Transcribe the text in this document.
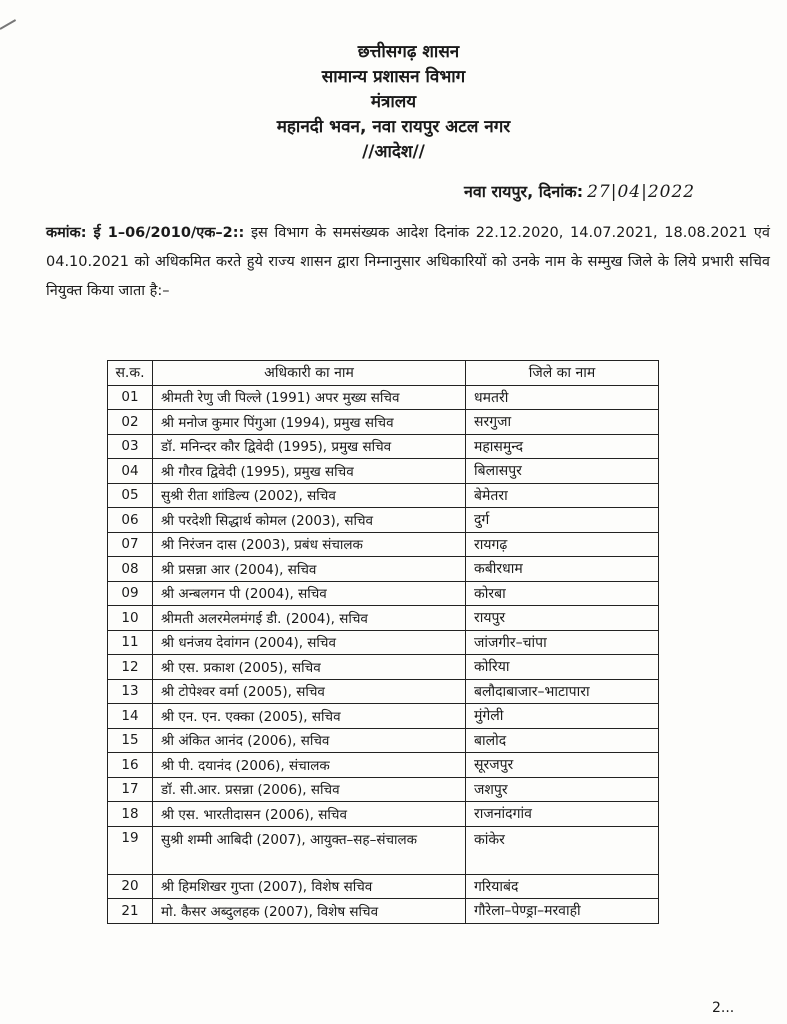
छत्तीसगढ़ शासन
सामान्य प्रशासन विभाग
मंत्रालय
महानदी भवन, नवा रायपुर अटल नगर
//आदेश//
नवा रायपुर, दिनांक: 27|04|2022
कमांक: ई 1–06/2010/एक–2:: इस विभाग के समसंख्यक आदेश दिनांक 22.12.2020, 14.07.2021, 18.08.2021 एवं 04.10.2021 को अधिकमित करते हुये राज्य शासन द्वारा निम्नानुसार अधिकारियों को उनके नाम के सम्मुख जिले के लिये प्रभारी सचिव नियुक्त किया जाता है:–
स.क.	अधिकारी का नाम	जिले का नाम
01	श्रीमती रेणु जी पिल्ले (1991) अपर मुख्य सचिव	धमतरी
02	श्री मनोज कुमार पिंगुआ (1994), प्रमुख सचिव	सरगुजा
03	डॉ. मनिन्दर कौर द्विवेदी (1995), प्रमुख सचिव	महासमुन्द
04	श्री गौरव द्विवेदी (1995), प्रमुख सचिव	बिलासपुर
05	सुश्री रीता शांडिल्य (2002), सचिव	बेमेतरा
06	श्री परदेशी सिद्धार्थ कोमल (2003), सचिव	दुर्ग
07	श्री निरंजन दास (2003), प्रबंध संचालक	रायगढ़
08	श्री प्रसन्ना आर (2004), सचिव	कबीरधाम
09	श्री अन्बलगन पी (2004), सचिव	कोरबा
10	श्रीमती अलरमेलमंगई डी. (2004), सचिव	रायपुर
11	श्री धनंजय देवांगन (2004), सचिव	जांजगीर–चांपा
12	श्री एस. प्रकाश (2005), सचिव	कोरिया
13	श्री टोपेश्वर वर्मा (2005), सचिव	बलौदाबाजार–भाटापारा
14	श्री एन. एन. एक्का (2005), सचिव	मुंगेली
15	श्री अंकित आनंद (2006), सचिव	बालोद
16	श्री पी. दयानंद (2006), संचालक	सूरजपुर
17	डॉ. सी.आर. प्रसन्ना (2006), सचिव	जशपुर
18	श्री एस. भारतीदासन (2006), सचिव	राजनांदगांव
19	सुश्री शम्मी आबिदी (2007), आयुक्त–सह–संचालक	कांकेर
20	श्री हिमशिखर गुप्ता (2007), विशेष सचिव	गरियाबंद
21	मो. कैसर अब्दुलहक (2007), विशेष सचिव	गौरेला–पेण्ड्रा–मरवाही
2...
